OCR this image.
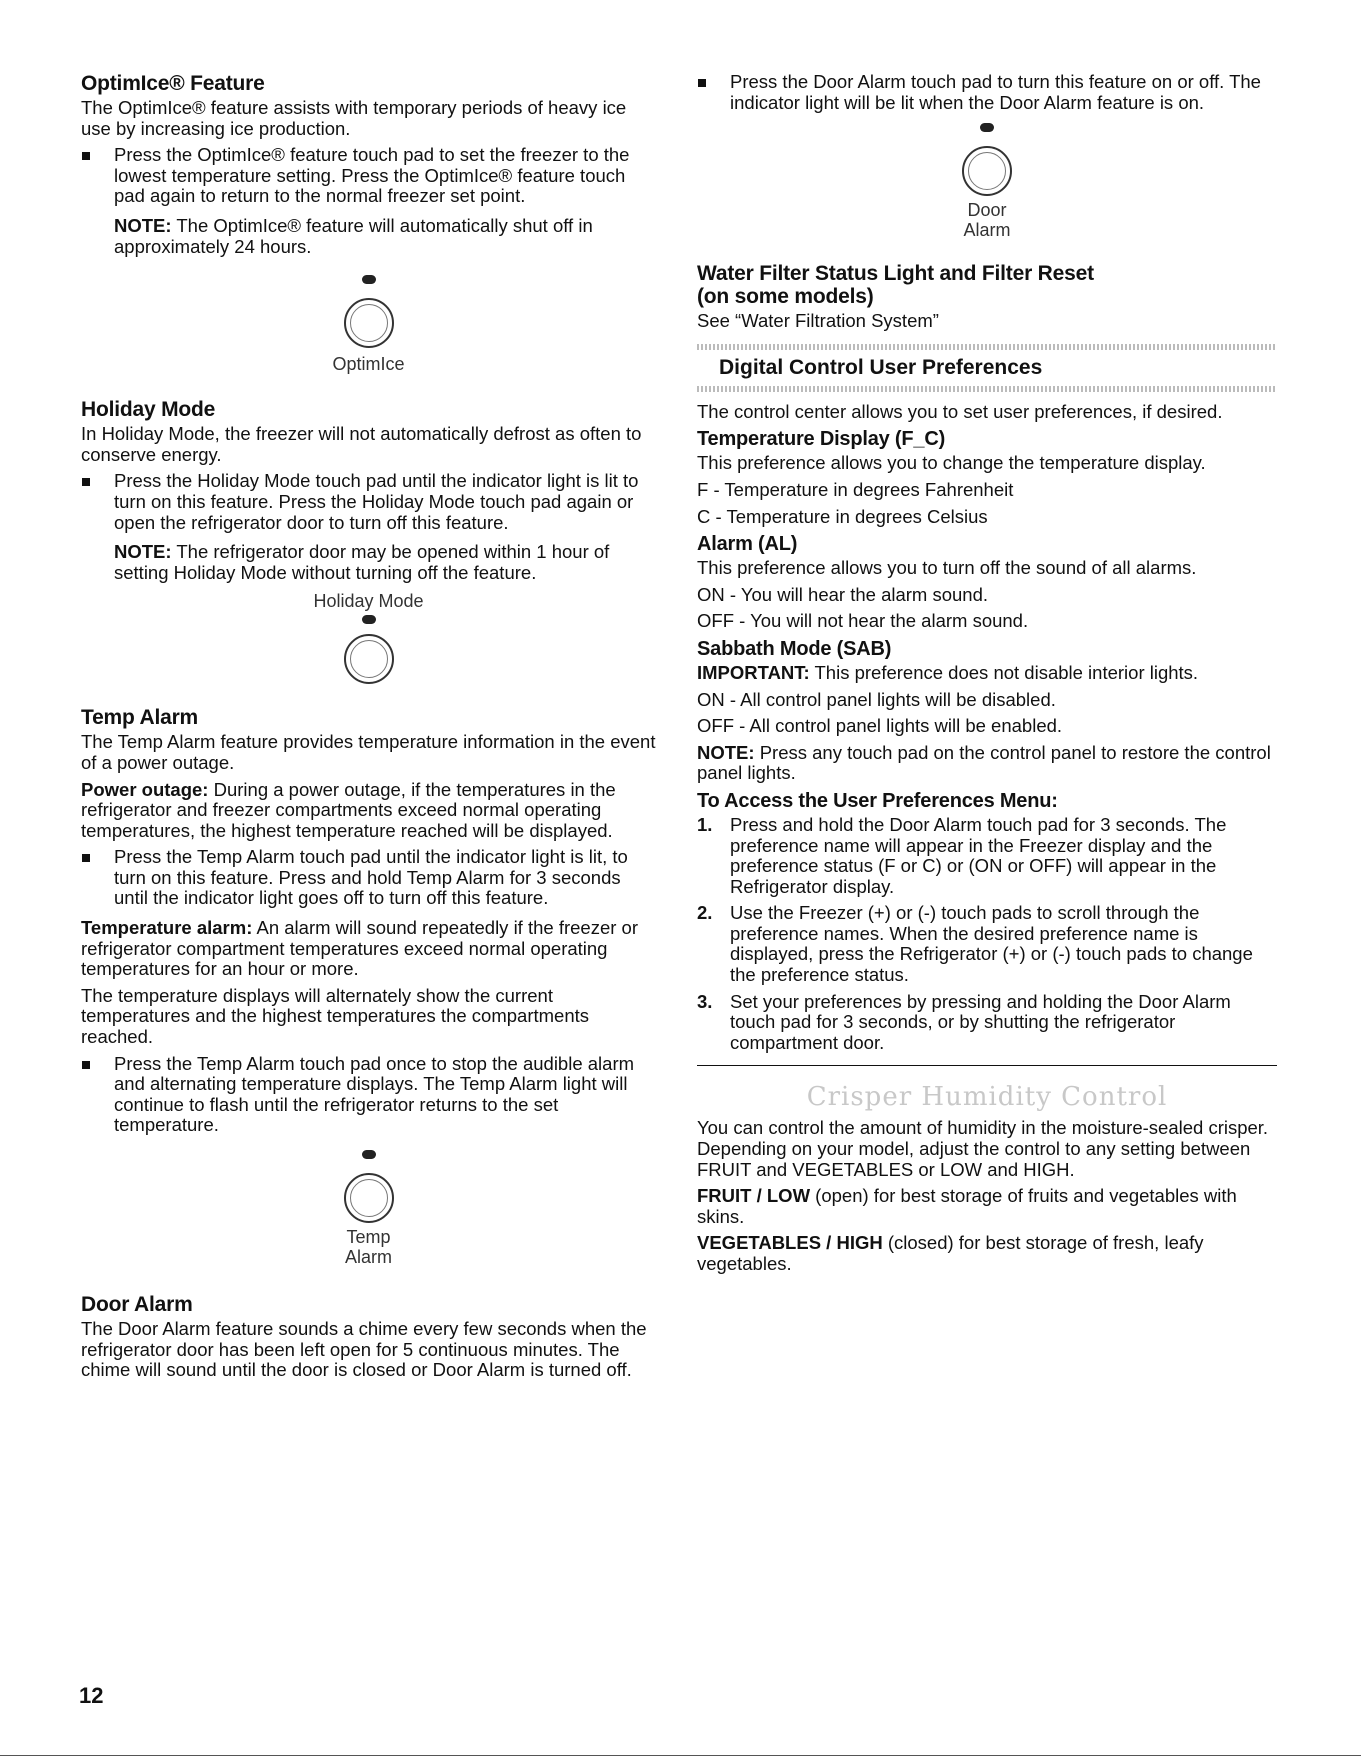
OptimIce® Feature

The OptimIce® feature assists with temporary periods of heavy ice use by increasing ice production.

Press the OptimIce® feature touch pad to set the freezer to the lowest temperature setting. Press the OptimIce® feature touch pad again to return to the normal freezer set point.

NOTE: The OptimIce® feature will automatically shut off in approximately 24 hours.

OptimIce
Holiday Mode

In Holiday Mode, the freezer will not automatically defrost as often to conserve energy.

Press the Holiday Mode touch pad until the indicator light is lit to turn on this feature. Press the Holiday Mode touch pad again or open the refrigerator door to turn off this feature.

NOTE: The refrigerator door may be opened within 1 hour of setting Holiday Mode without turning off the feature.

Holiday Mode
Temp Alarm

The Temp Alarm feature provides temperature information in the event of a power outage.

Power outage: During a power outage, if the temperatures in the refrigerator and freezer compartments exceed normal operating temperatures, the highest temperature reached will be displayed.

Press the Temp Alarm touch pad until the indicator light is lit, to turn on this feature. Press and hold Temp Alarm for 3 seconds until the indicator light goes off to turn off this feature.

Temperature alarm: An alarm will sound repeatedly if the freezer or refrigerator compartment temperatures exceed normal operating temperatures for an hour or more.

The temperature displays will alternately show the current temperatures and the highest temperatures the compartments reached.

Press the Temp Alarm touch pad once to stop the audible alarm and alternating temperature displays. The Temp Alarm light will continue to flash until the refrigerator returns to the set temperature.
Temp
Alarm
Door Alarm

The Door Alarm feature sounds a chime every few seconds when the refrigerator door has been left open for 5 continuous minutes. The chime will sound until the door is closed or Door Alarm is turned off.

Press the Door Alarm touch pad to turn this feature on or off. The indicator light will be lit when the Door Alarm feature is on.
Door
Alarm
Water Filter Status Light and Filter Reset
(on some models)

See “Water Filtration System”

Digital Control User Preferences

The control center allows you to set user preferences, if desired.

Temperature Display (F_C)

This preference allows you to change the temperature display.

F - Temperature in degrees Fahrenheit

C - Temperature in degrees Celsius

Alarm (AL)

This preference allows you to turn off the sound of all alarms.

ON - You will hear the alarm sound.

OFF - You will not hear the alarm sound.

Sabbath Mode (SAB)

IMPORTANT: This preference does not disable interior lights.

ON - All control panel lights will be disabled.

OFF - All control panel lights will be enabled.

NOTE: Press any touch pad on the control panel to restore the control panel lights.

To Access the User Preferences Menu:
1. Press and hold the Door Alarm touch pad for 3 seconds. The preference name will appear in the Freezer display and the preference status (F or C) or (ON or OFF) will appear in the Refrigerator display.
2. Use the Freezer (+) or (-) touch pads to scroll through the preference names. When the desired preference name is displayed, press the Refrigerator (+) or (-) touch pads to change the preference status.
3. Set your preferences by pressing and holding the Door Alarm touch pad for 3 seconds, or by shutting the refrigerator compartment door.
Crisper Humidity Control

You can control the amount of humidity in the moisture-sealed crisper. Depending on your model, adjust the control to any setting between FRUIT and VEGETABLES or LOW and HIGH.

FRUIT / LOW (open) for best storage of fruits and vegetables with skins.

VEGETABLES / HIGH (closed) for best storage of fresh, leafy vegetables.

12
